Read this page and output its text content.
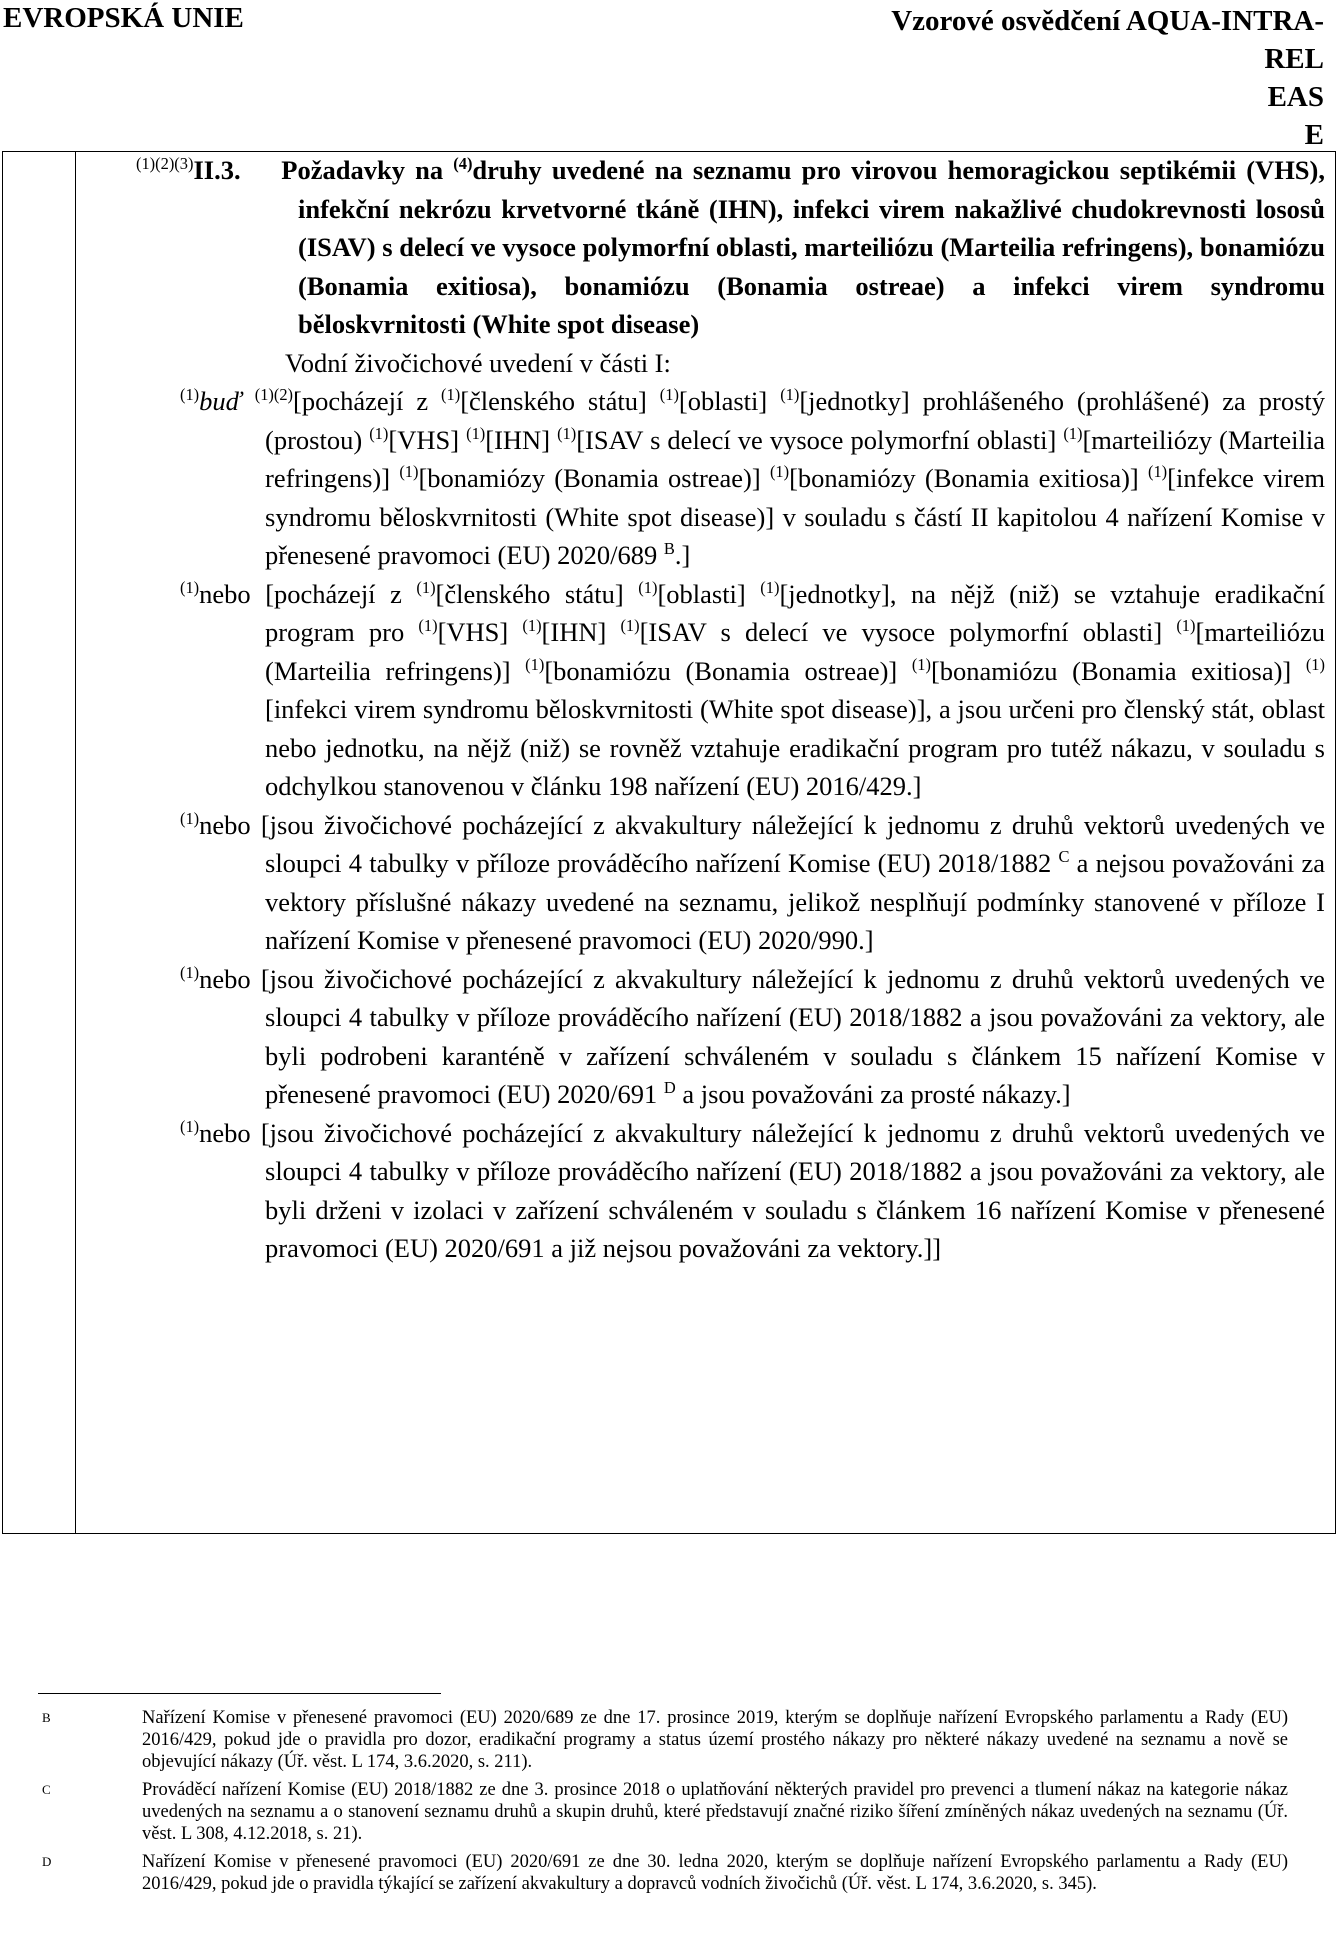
EVROPSKÁ UNIE	Vzorové osvědčení AQUA-INTRA-
REL
EAS
E
$^{(1)(2)(3)}$II.3. Požadavky na $^{(4)}$druhy uvedené na seznamu pro virovou hemoragickou septikémii (VHS), infekční nekrózu krvetvorné tkáně (IHN), infekci virem nakažlivé chudokrevnosti lososů (ISAV) s delecí ve vysoce polymorfní oblasti, marteiliózu (Marteilia refringens), bonamiózu (Bonamia exitiosa), bonamiózu (Bonamia ostreae) a infekci virem syndromu běloskvrnitosti (White spot disease)
Vodní živočichové uvedení v části I:

$^{(1)}$buď $^{(1)(2)}$[pocházejí z $^{(1)}$[členského státu] $^{(1)}$[oblasti] $^{(1)}$[jednotky] prohlášeného (prohlášené) za prostý (prostou) $^{(1)}$[VHS] $^{(1)}$[IHN] $^{(1)}$[ISAV s delecí ve vysoce polymorfní oblasti] $^{(1)}$[marteiliózy (Marteilia refringens)] $^{(1)}$[bonamiózy (Bonamia ostreae)] $^{(1)}$[bonamiózy (Bonamia exitiosa)] $^{(1)}$[infekce virem syndromu běloskvrnitosti (White spot disease)] v souladu s částí II kapitolou 4 nařízení Komise v přenesené pravomoci (EU) 2020/689 $^B$.]

$^{(1)}$nebo [pocházejí z $^{(1)}$[členského státu] $^{(1)}$[oblasti] $^{(1)}$[jednotky], na nějž (niž) se vztahuje eradikační program pro $^{(1)}$[VHS] $^{(1)}$[IHN] $^{(1)}$[ISAV s delecí ve vysoce polymorfní oblasti] $^{(1)}$[marteiliózu (Marteilia refringens)] $^{(1)}$[bonamiózu (Bonamia ostreae)] $^{(1)}$[bonamiózu (Bonamia exitiosa)] $^{(1)}$[infekci virem syndromu běloskvrnitosti (White spot disease)], a jsou určeni pro členský stát, oblast nebo jednotku, na nějž (niž) se rovněž vztahuje eradikační program pro tutéž nákazu, v souladu s odchylkou stanovenou v článku 198 nařízení (EU) 2016/429.]

$^{(1)}$nebo [jsou živočichové pocházející z akvakultury náležející k jednomu z druhů vektorů uvedených ve sloupci 4 tabulky v příloze prováděcího nařízení Komise (EU) 2018/1882 $^C$ a nejsou považováni za vektory příslušné nákazy uvedené na seznamu, jelikož nesplňují podmínky stanovené v příloze I nařízení Komise v přenesené pravomoci (EU) 2020/990.]

$^{(1)}$nebo [jsou živočichové pocházející z akvakultury náležející k jednomu z druhů vektorů uvedených ve sloupci 4 tabulky v příloze prováděcího nařízení (EU) 2018/1882 a jsou považováni za vektory, ale byli podrobeni karanténě v zařízení schváleném v souladu s článkem 15 nařízení Komise v přenesené pravomoci (EU) 2020/691 $^D$ a jsou považováni za prosté nákazy.]

$^{(1)}$nebo [jsou živočichové pocházející z akvakultury náležející k jednomu z druhů vektorů uvedených ve sloupci 4 tabulky v příloze prováděcího nařízení (EU) 2018/1882 a jsou považováni za vektory, ale byli drženi v izolaci v zařízení schváleném v souladu s článkem 16 nařízení Komise v přenesené pravomoci (EU) 2020/691 a již nejsou považováni za vektory.]]

B	Nařízení Komise v přenesené pravomoci (EU) 2020/689 ze dne 17. prosince 2019, kterým se doplňuje nařízení Evropského parlamentu a Rady (EU) 2016/429, pokud jde o pravidla pro dozor, eradikační programy a status území prostého nákazy pro některé nákazy uvedené na seznamu a nově se objevující nákazy (Úř. věst. L 174, 3.6.2020, s. 211).
C	Prováděcí nařízení Komise (EU) 2018/1882 ze dne 3. prosince 2018 o uplatňování některých pravidel pro prevenci a tlumení nákaz na kategorie nákaz uvedených na seznamu a o stanovení seznamu druhů a skupin druhů, které představují značné riziko šíření zmíněných nákaz uvedených na seznamu (Úř. věst. L 308, 4.12.2018, s. 21).
D	Nařízení Komise v přenesené pravomoci (EU) 2020/691 ze dne 30. ledna 2020, kterým se doplňuje nařízení Evropského parlamentu a Rady (EU) 2016/429, pokud jde o pravidla týkající se zařízení akvakultury a dopravců vodních živočichů (Úř. věst. L 174, 3.6.2020, s. 345).
